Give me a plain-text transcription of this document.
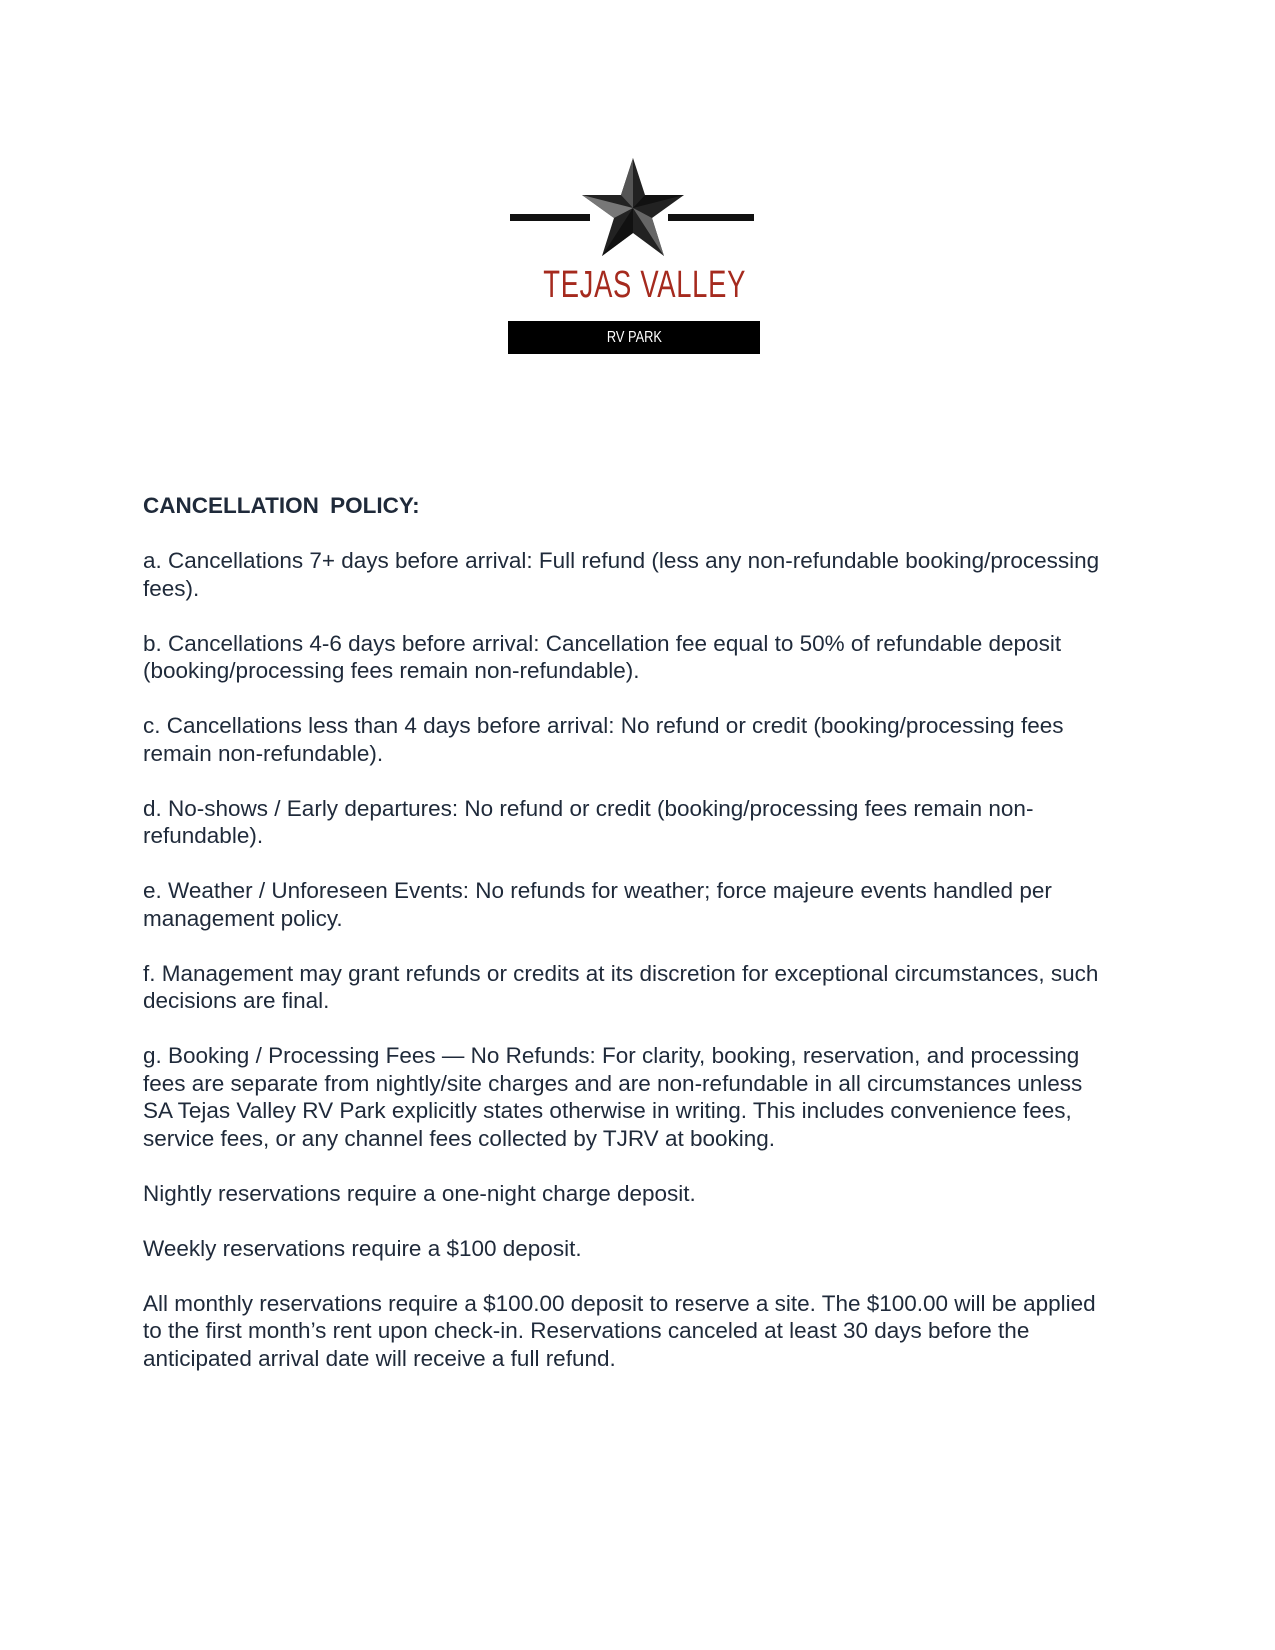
TEJAS VALLEY
RV PARK
CANCELLATION POLICY:

a. Cancellations 7+ days before arrival: Full refund (less any non-refundable booking/processing fees).

b. Cancellations 4-6 days before arrival: Cancellation fee equal to 50% of refundable deposit (booking/processing fees remain non-refundable).

c. Cancellations less than 4 days before arrival: No refund or credit (booking/processing fees remain non-refundable).

d. No-shows / Early departures: No refund or credit (booking/processing fees remain non-refundable).

e. Weather / Unforeseen Events: No refunds for weather; force majeure events handled per management policy.

f. Management may grant refunds or credits at its discretion for exceptional circumstances, such decisions are final.

g. Booking / Processing Fees — No Refunds: For clarity, booking, reservation, and processing fees are separate from nightly/site charges and are non-refundable in all circumstances unless SA Tejas Valley RV Park explicitly states otherwise in writing. This includes convenience fees, service fees, or any channel fees collected by TJRV at booking.

Nightly reservations require a one-night charge deposit.

Weekly reservations require a $100 deposit.

All monthly reservations require a $100.00 deposit to reserve a site. The $100.00 will be applied to the first month’s rent upon check-in. Reservations canceled at least 30 days before the anticipated arrival date will receive a full refund.
